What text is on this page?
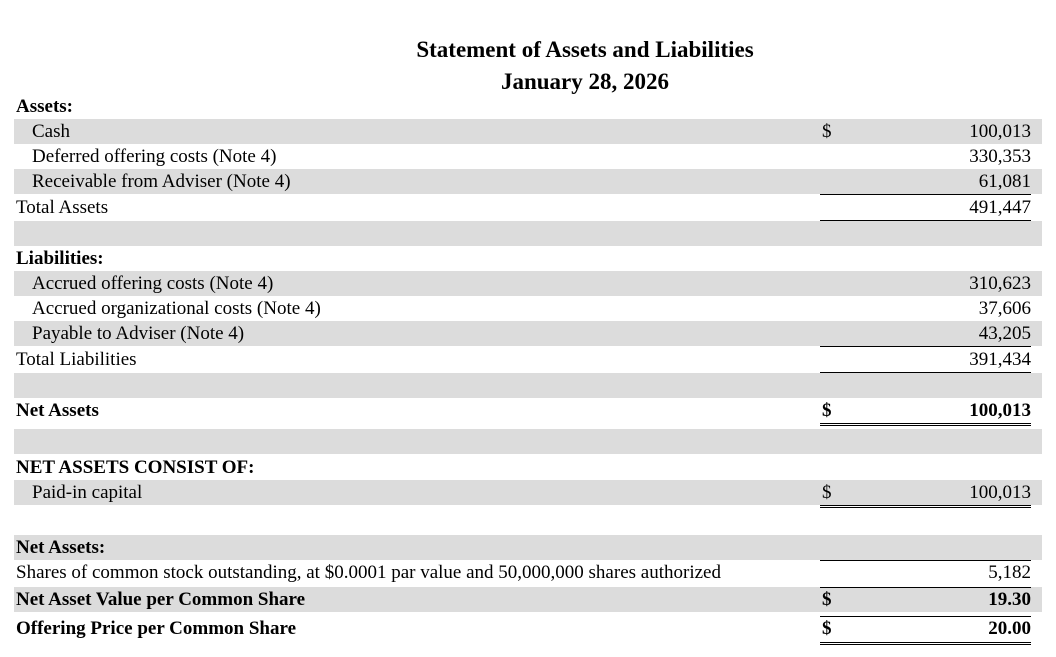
Statement of Assets and Liabilities
January 28, 2026
Assets:
Cash	$	100,013
Deferred offering costs (Note 4)	330,353
Receivable from Adviser (Note 4)	61,081
Total Assets	491,447
Liabilities:
Accrued offering costs (Note 4)	310,623
Accrued organizational costs (Note 4)	37,606
Payable to Adviser (Note 4)	43,205
Total Liabilities	391,434
Net Assets	$	100,013
NET ASSETS CONSIST OF:
Paid-in capital	$	100,013
Net Assets:
Shares of common stock outstanding, at $0.0001 par value and 50,000,000 shares authorized	5,182
Net Asset Value per Common Share	$	19.30
Offering Price per Common Share	$	20.00
